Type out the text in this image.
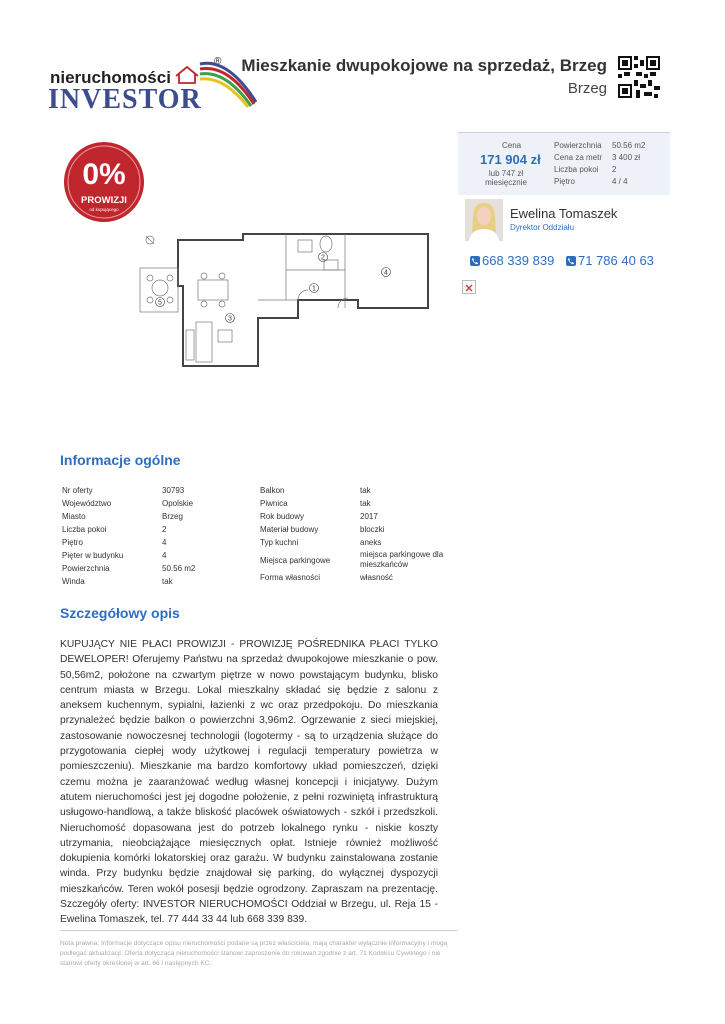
nieruchomości
®
INVESTOR
Mieszkanie dwupokojowe na sprzedaż, Brzeg
Brzeg
0%
PROWIZJI
od kupującego
1
2
3
4
5
Cena
171 904 zł
lub 747 zł
miesięcznie
Powierzchnia	50.56 m2
Cena za metr	3 400 zł
Liczba pokoi	2
Piętro	4 / 4
Ewelina Tomaszek
Dyrektor Oddziału
668 339 839 71 786 40 63
Informacje ogólne
Nr oferty	30793
Województwo	Opolskie
Miasto	Brzeg
Liczba pokoi	2
Piętro	4
Pięter w budynku	4
Powierzchnia	50.56 m2
Winda	tak
Balkon	tak
Piwnica	tak
Rok budowy	2017
Materiał budowy	bloczki
Typ kuchni	aneks
Miejsca parkingowe
miejsca parkingowe dla mieszkańców
Forma własności	własność
Szczegółowy opis
KUPUJĄCY NIE PŁACI PROWIZJI - PROWIZJĘ POŚREDNIKA PŁACI TYLKO DEWELOPER! Oferujemy Państwu na sprzedaż dwupokojowe mieszkanie o pow. 50,56m2, położone na czwartym piętrze w nowo powstającym budynku, blisko centrum miasta w Brzegu. Lokal mieszkalny składać się będzie z salonu z aneksem kuchennym, sypialni, łazienki z wc oraz przedpokoju. Do mieszkania przynależeć będzie balkon o powierzchni 3,96m2. Ogrzewanie z sieci miejskiej, zastosowanie nowoczesnej technologii (logotermy - są to urządzenia służące do przygotowania ciepłej wody użytkowej i regulacji temperatury powietrza w pomieszczeniu). Mieszkanie ma bardzo komfortowy układ pomieszczeń, dzięki czemu można je zaaranżować według własnej koncepcji i inicjatywy. Dużym atutem nieruchomości jest jej dogodne położenie, z pełni rozwiniętą infrastrukturą usługowo-handlową, a także bliskość placówek oświatowych - szkół i przedszkoli. Nieruchomość dopasowana jest do potrzeb lokalnego rynku - niskie koszty utrzymania, nieobciążające miesięcznych opłat. Istnieje również możliwość dokupienia komórki lokatorskiej oraz garażu. W budynku zainstalowana zostanie winda. Przy budynku będzie znajdował się parking, do wyłącznej dyspozycji mieszkańców. Teren wokół posesji będzie ogrodzony. Zapraszam na prezentację. Szczegóły oferty: INVESTOR NIERUCHOMOŚCI Oddział w Brzegu, ul. Reja 15 - Ewelina Tomaszek, tel. 77 444 33 44 lub 668 339 839.
Nota prawna: Informacje dotyczące opisu nieruchomości podane są przez właściciela, mają charakter wyłącznie informacyjny i mogą podlegać aktualizacji. Oferta dotycząca nieruchomości stanowi zaproszenie do rokowań zgodnie z art. 71 Kodeksu Cywilnego i nie stanowi oferty określonej w art. 66 i następnych KC.
